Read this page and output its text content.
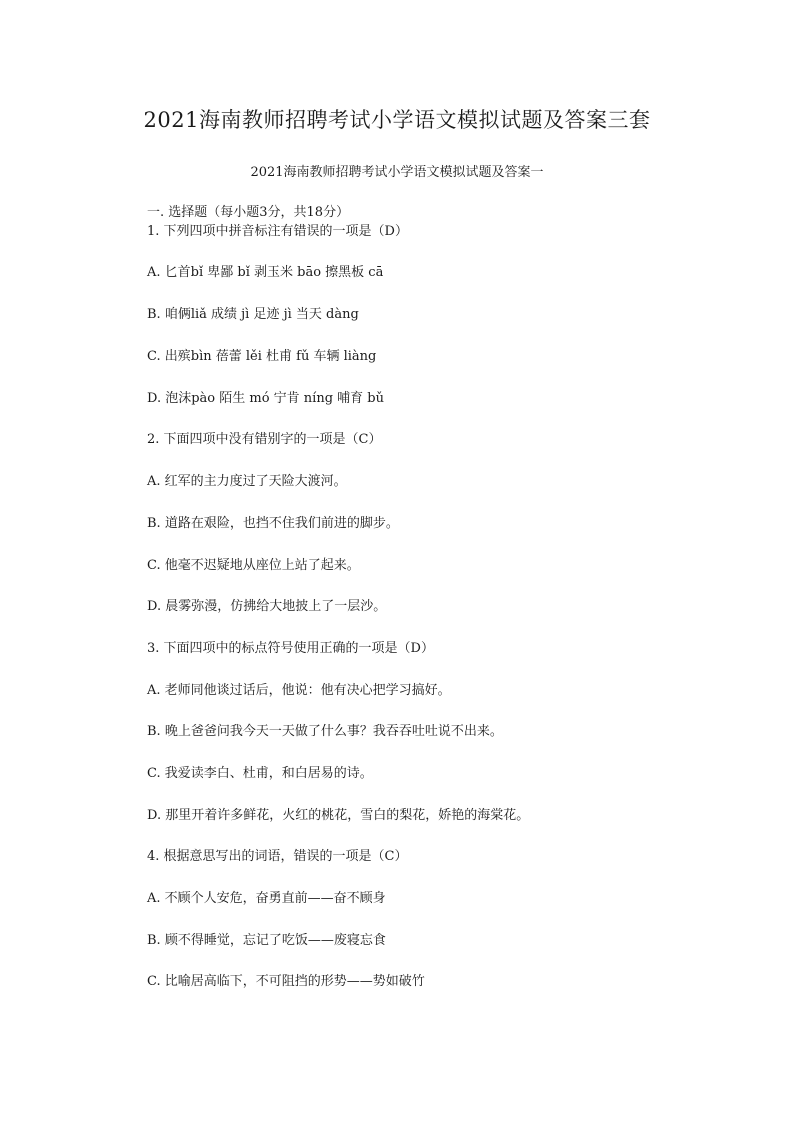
2021海南教师招聘考试小学语文模拟试题及答案三套
2021海南教师招聘考试小学语文模拟试题及答案一

一. 选择题（每小题3分，共18分）

1. 下列四项中拼音标注有错误的一项是（D）

A. 匕首bǐ 卑鄙 bǐ 剥玉米 bāo 擦黑板 cā

B. 咱俩liǎ 成绩 jì 足迹 jì 当天 dàng

C. 出殡bìn 蓓蕾 lěi 杜甫 fǔ 车辆 liàng

D. 泡沫pào 陌生 mó 宁肯 níng 哺育 bǔ

2. 下面四项中没有错别字的一项是（C）

A. 红军的主力度过了天险大渡河。

B. 道路在艰险，也挡不住我们前进的脚步。

C. 他毫不迟疑地从座位上站了起来。

D. 晨雾弥漫，仿拂给大地披上了一层沙。

3. 下面四项中的标点符号使用正确的一项是（D）

A. 老师同他谈过话后，他说：他有决心把学习搞好。

B. 晚上爸爸问我今天一天做了什么事？我吞吞吐吐说不出来。

C. 我爱读李白、杜甫，和白居易的诗。

D. 那里开着许多鲜花，火红的桃花，雪白的梨花，娇艳的海棠花。

4. 根据意思写出的词语，错误的一项是（C）

A. 不顾个人安危，奋勇直前——奋不顾身

B. 顾不得睡觉，忘记了吃饭——废寝忘食

C. 比喻居高临下，不可阻挡的形势——势如破竹
